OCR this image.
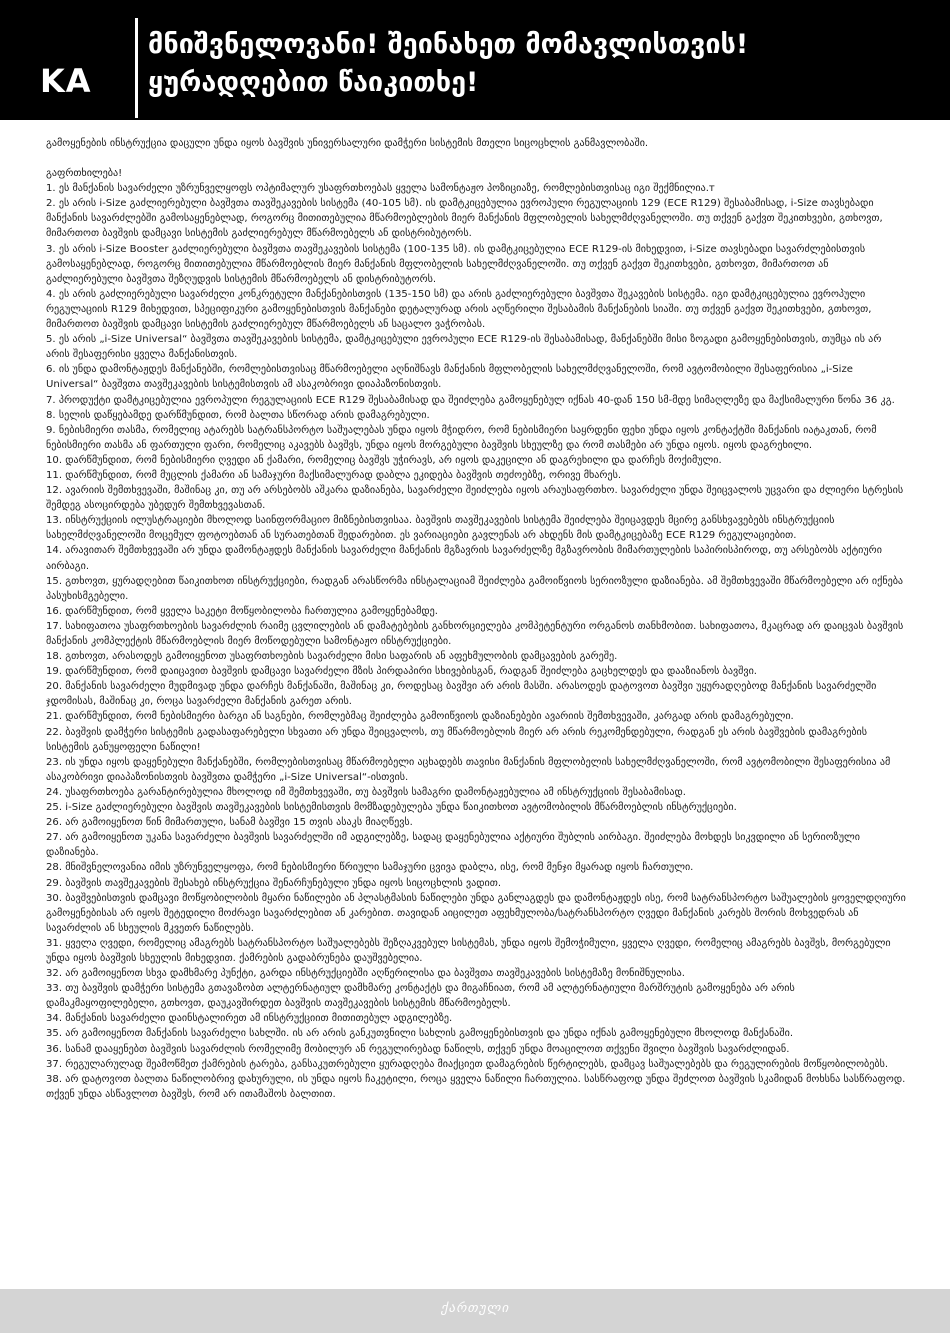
KA
მნიშვნელოვანი! შეინახეთ მომავლისთვის!
ყურადღებით წაიკითხე!

გამოყენების ინსტრუქცია დაცული უნდა იყოს ბავშვის უნივერსალური დამჭერი სისტემის მთელი სიცოცხლის განმავლობაში.

გაფრთხილება!

1. ეს მანქანის სავარძელი უზრუნველყოფს ოპტიმალურ უსაფრთხოებას ყველა სამონტაჟო პოზიციაზე, რომლებისთვისაც იგი შექმნილია.т

2. ეს არის i-Size გაძლიერებული ბავშვთა თავშეკავების სისტემა (40-105 სმ). ის დამტკიცებულია ევროპული რეგულაციის 129 (ECE R129) შესაბამისად, i-Size თავსებადი მანქანის სავარძლებში გამოსაყენებლად, როგორც მითითებულია მწარმოებლების მიერ მანქანის მფლობელის სახელმძღვანელოში. თუ თქვენ გაქვთ შეკითხვები, გთხოვთ, მიმართოთ ბავშვის დამცავი სისტემის გაძლიერებულ მწარმოებელს ან დისტრიბუტორს.

3. ეს არის i-Size Booster გაძლიერებული ბავშვთა თავშეკავების სისტემა (100-135 სმ). ის დამტკიცებულია ECE R129-ის მიხედვით, i-Size თავსებადი სავარძლებისთვის გამოსაყენებლად, როგორც მითითებულია მწარმოებლის მიერ მანქანის მფლობელის სახელმძღვანელოში. თუ თქვენ გაქვთ შეკითხვები, გთხოვთ, მიმართოთ ან გაძლიერებული ბავშვთა შეზღუდვის სისტემის მწარმოებელს ან დისტრიბუტორს.

4. ეს არის გაძლიერებული სავარძელი კონკრეტული მანქანებისთვის (135-150 სმ) და არის გაძლიერებული ბავშვთა შეკავების სისტემა. იგი დამტკიცებულია ევროპული რეგულაციის R129 მიხედვით, სპეციფიკური გამოყენებისთვის მანქანები დეტალურად არის აღწერილი შესაბამის მანქანების სიაში. თუ თქვენ გაქვთ შეკითხვები, გთხოვთ, მიმართოთ ბავშვის დამცავი სისტემის გაძლიერებულ მწარმოებელს ან საცალო ვაჭრობას.

5. ეს არის „i-Size Universal“ ბავშვთა თავშეკავების სისტემა, დამტკიცებული ევროპული ECE R129-ის შესაბამისად, მანქანებში მისი ზოგადი გამოყენებისთვის, თუმცა ის არ არის შესაფერისი ყველა მანქანისთვის.

6. ის უნდა დამონტაჟდეს მანქანებში, რომლებისთვისაც მწარმოებელი აღნიშნავს მანქანის მფლობელის სახელმძღვანელოში, რომ ავტომობილი შესაფერისია „i-Size Universal“ ბავშვთა თავშეკავების სისტემისთვის ამ ასაკობრივი დიაპაზონისთვის.

7. პროდუქტი დამტკიცებულია ევროპული რეგულაციის ECE R129 შესაბამისად და შეიძლება გამოყენებულ იქნას 40-დან 150 სმ-მდე სიმაღლეზე და მაქსიმალური წონა 36 კგ.

8. სელის დაწყებამდე დარწმუნდით, რომ ბალთა სწორად არის დამაგრებული.

9. ნებისმიერი თასმა, რომელიც ატარებს სატრანსპორტო საშუალებას უნდა იყოს მჭიდრო, რომ ნებისმიერი საყრდენი ფეხი უნდა იყოს კონტაქტში მანქანის იატაკთან, რომ ნებისმიერი თასმა ან ფართული ფარი, რომელიც აკავებს ბავშვს, უნდა იყოს მორგებული ბავშვის სხეულზე და რომ თასმები არ უნდა იყოს. იყოს დაგრეხილი.

10. დარწმუნდით, რომ ნებისმიერი ღვედი ან ქამარი, რომელიც ბავშვს უჭირავს, არ იყოს დაკეცილი ან დაგრეხილი და დარჩეს მოქიმული.

11. დარწმუნდით, რომ მუცლის ქამარი ან სამაჯური მაქსიმალურად დაბლა ეკიდება ბავშვის თეძოებზე, ორივე მხარეს.

12. ავარიის შემთხვევაში, მაშინაც კი, თუ არ არსებობს აშკარა დაზიანება, სავარძელი შეიძლება იყოს არაუსაფრთხო. სავარძელი უნდა შეიცვალოს უცვარი და ძლიერი სტრესის შემდეგ ასოცირდება უბედურ შემთხვევასთან.

13. ინსტრუქციის ილუსტრაციები მხოლოდ საინფორმაციო მიზნებისთვისაა. ბავშვის თავშეკავების სისტემა შეიძლება შეიცავდეს მცირე განსხვავებებს ინსტრუქციის სახელმძღვანელოში მოცემულ ფოტოებთან ან სურათებთან შედარებით. ეს ვარიაციები გავლენას არ ახდენს მის დამტკიცებაზე ECE R129 რეგულაციებით.

14. არავითარ შემთხვევაში არ უნდა დამონტაჟდეს მანქანის სავარძელი მანქანის მგზავრის სავარძელზე მგზავრობის მიმართულების საპირისპიროდ, თუ არსებობს აქტიური აირბაგი.

15. გთხოვთ, ყურადღებით წაიკითხოთ ინსტრუქციები, რადგან არასწორმა ინსტალაციამ შეიძლება გამოიწვიოს სერიოზული დაზიანება. ამ შემთხვევაში მწარმოებელი არ იქნება პასუხისმგებელი.

16. დარწმუნდით, რომ ყველა საკეტი მოწყობილობა ჩართულია გამოყენებამდე.

17. სახიფათოა უსაფრთხოების სავარძლის რაიმე ცვლილების ან დამატებების განხორციელება კომპეტენტური ორგანოს თანხმობით. სახიფათოა, მკაცრად არ დაიცვას ბავშვის მანქანის კომპლექტის მწარმოებლის მიერ მოწოდებული სამონტაჟო ინსტრუქციები.

18. გთხოვთ, არასოდეს გამოიყენოთ უსაფრთხოების სავარძელი მისი საფარის ან აფეხმულობის დამცავების გარეშე.

19. დარწმუნდით, რომ დაიცავით ბავშვის დამცავი სავარძელი მზის პირდაპირი სხივებისგან, რადგან შეიძლება გაცხელდეს და დააზიანოს ბავშვი.

20. მანქანის სავარძელი მუდმივად უნდა დარჩეს მანქანაში, მაშინაც კი, როდესაც ბავშვი არ არის მასში. არასოდეს დატოვოთ ბავშვი უყურადღებოდ მანქანის სავარძელში ჯდომისას, მაშინაც კი, როცა სავარძელი მანქანის გარეთ არის.

21. დარწმუნდით, რომ ნებისმიერი ბარგი ან საგნები, რომლებმაც შეიძლება გამოიწვიოს დაზიანებები ავარიის შემთხვევაში, კარგად არის დამაგრებული.

22. ბავშვის დამჭერი სისტემის გადასაფარებელი სხვათი არ უნდა შეიცვალოს, თუ მწარმოებლის მიერ არ არის რეკომენდებული, რადგან ეს არის ბავშვების დამაგრების სისტემის განუყოფელი ნაწილი!

23. ის უნდა იყოს დაყენებული მანქანებში, რომლებისთვისაც მწარმოებელი აცხადებს თავისი მანქანის მფლობელის სახელმძღვანელოში, რომ ავტომობილი შესაფერისია ამ ასაკობრივი დიაპაზონისთვის ბავშვთა დამჭერი „i-Size Universal“-ისთვის.

24. უსაფრთხოება გარანტირებულია მხოლოდ იმ შემთხვევაში, თუ ბავშვის სამაგრი დამონტაჟებულია ამ ინსტრუქციის შესაბამისად.

25. i-Size გაძლიერებული ბავშვის თავშეკავების სისტემისთვის მომზადებულება უნდა წაიკითხოთ ავტომობილის მწარმოებლის ინსტრუქციები.

26. არ გამოიყენოთ წინ მიმართული, სანამ ბავშვი 15 თვის ასაკს მიაღწევს.

27. არ გამოიყენოთ უკანა სავარძელი ბავშვის სავარძელში იმ ადგილებზე, სადაც დაყენებულია აქტიური შუბლის აირბაგი. შეიძლება მოხდეს სიკვდილი ან სერიოზული დაზიანება.

28. მნიშვნელოვანია იმის უზრუნველყოფა, რომ ნებისმიერი წრიული სამაჯური ცვივა დაბლა, ისე, რომ მენჯი მყარად იყოს ჩართული.

29. ბავშვის თავშეკავების შესახებ ინსტრუქცია შენარჩუნებული უნდა იყოს სიცოცხლის ვადით.

30. ბავშვებისთვის დამცავი მოწყობილობის მყარი ნაწილები ან პლასტმასის ნაწილები უნდა განლაგდეს და დამონტაჟდეს ისე, რომ სატრანსპორტო საშუალების ყოველდღიური გამოყენებისას არ იყოს შეტედილი მოძრავი სავარძლებით ან კარებით. თავიდან აიცილეთ აფეხმულობა/სატრანსპორტო ღვედი მანქანის კარებს შორის მოხვედრას ან სავარძლის ან სხეულის მკვეთრ ნაწილებს.

31. ყველა ღვედი, რომელიც ამაგრებს სატრანსპორტო საშუალებებს შეზღაკვებულ სისტემას, უნდა იყოს შემოჭიმული, ყველა ღვედი, რომელიც ამაგრებს ბავშვს, მორგებული უნდა იყოს ბავშვის სხეულის მიხედვით. ქამრების გადაბრუნება დაუშვებელია.

32. არ გამოიყენოთ სხვა დამხმარე პუნქტი, გარდა ინსტრუქციებში აღწერილისა და ბავშვთა თავშეკავების სისტემაზე მონიშნულისა.

33. თუ ბავშვის დამჭერი სისტემა გთავაზობთ ალტერნატიულ დამხმარე კონტაქტს და მიგაჩნიათ, რომ ამ ალტერნატიული მარშრუტის გამოყენება არ არის დამაკმაყოფილებელი, გთხოვთ, დაუკავშირდეთ ბავშვის თავშეკავების სისტემის მწარმოებელს.

34. მანქანის სავარძელი დაინსტალირეთ ამ ინსტრუქციით მითითებულ ადგილებზე.

35. არ გამოიყენოთ მანქანის სავარძელი სახლში. ის არ არის განკუთვნილი სახლის გამოყენებისთვის და უნდა იქნას გამოყენებული მხოლოდ მანქანაში.

36. სანამ დააყენებთ ბავშვის სავარძლის რომელიმე მობილურ ან რეგულირებად ნაწილს, თქვენ უნდა მოაცილოთ თქვენი შვილი ბავშვის სავარძლიდან.

37. რეგულარულად შეამოწმეთ ქამრების ტარება, განსაკუთრებული ყურადღება მიაქციეთ დამაგრების წერტილებს, დამცავ საშუალებებს და რეგულირების მოწყობილობებს.

38. არ დატოვოთ ბალთა ნაწილობრივ დახურული, ის უნდა იყოს ჩაკეტილი, როცა ყველა ნაწილი ჩართულია. სასწრაფოდ უნდა შეძლოთ ბავშვის სკამიდან მოხსნა სასწრაფოდ. თქვენ უნდა ასწავლოთ ბავშვს, რომ არ ითამაშოს ბალთით.

ქართული
